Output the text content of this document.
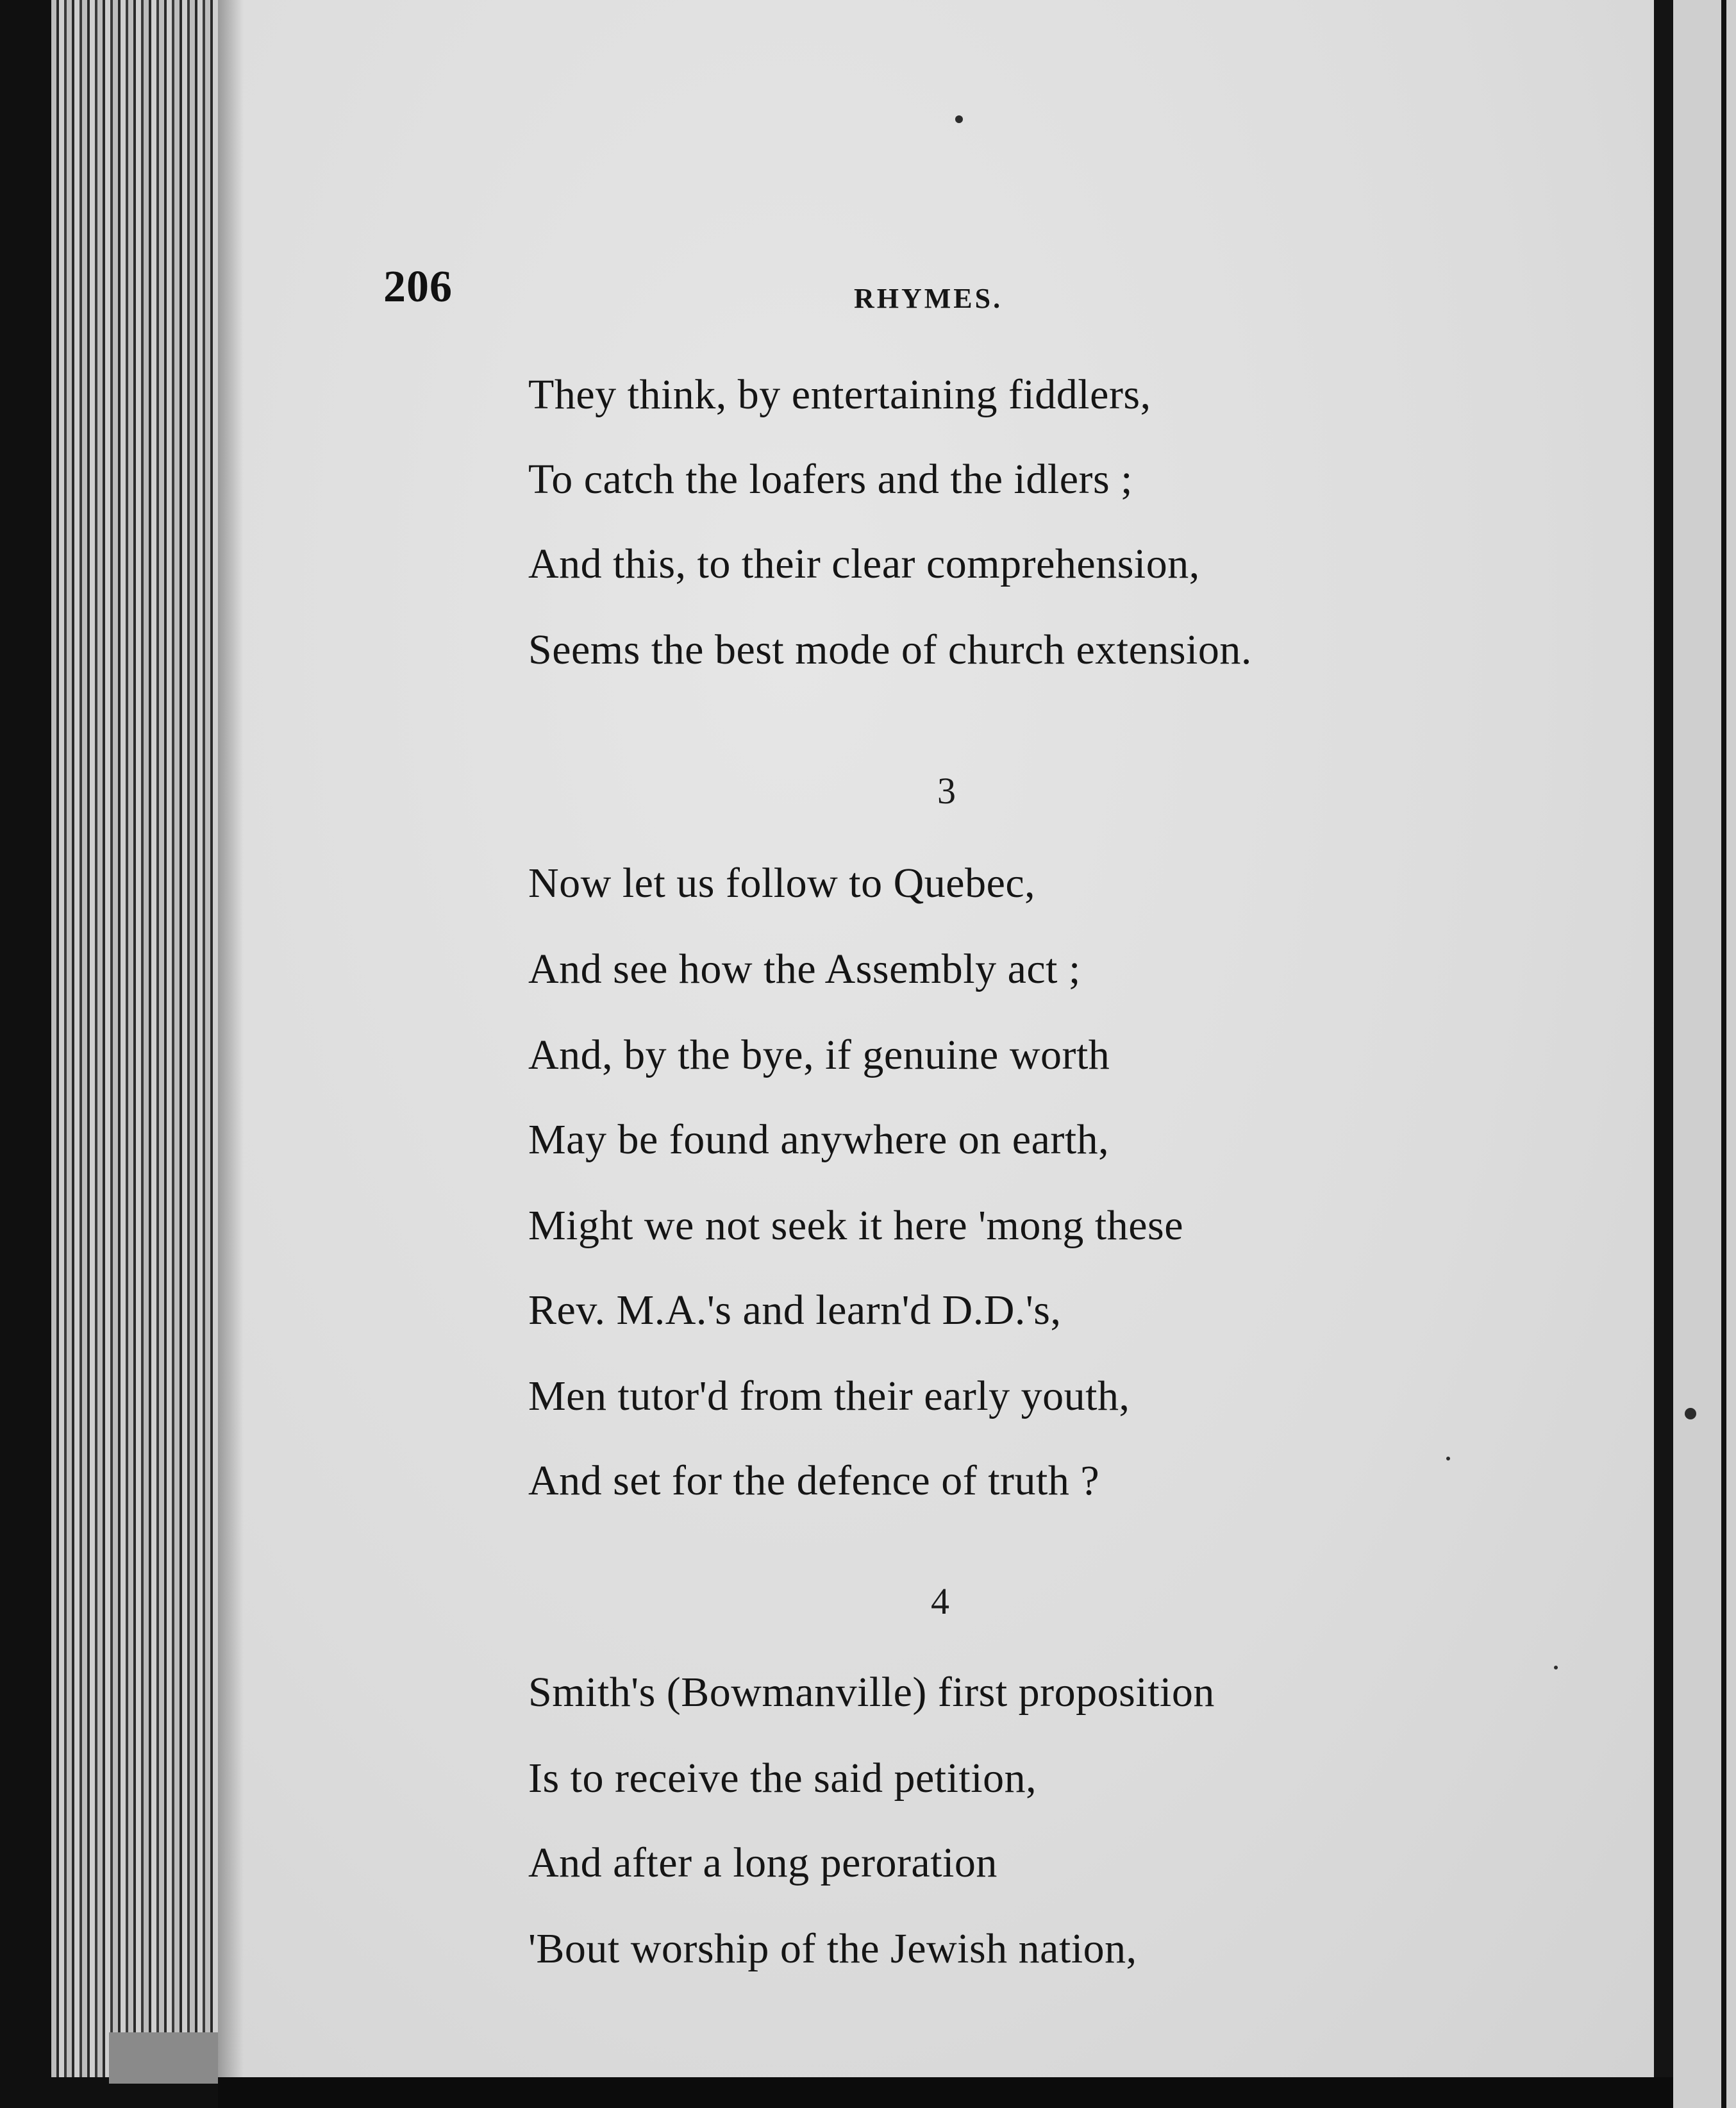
206	RHYMES.
They think, by entertaining fiddlers,
To catch the loafers and the idlers ;
And this, to their clear comprehension,
Seems the best mode of church extension.
3
Now let us follow to Quebec,
And see how the Assembly act ;
And, by the bye, if genuine worth
May be found anywhere on earth,
Might we not seek it here 'mong these
Rev. M.A.'s and learn'd D.D.'s,
Men tutor'd from their early youth,
And set for the defence of truth ?
4
Smith's (Bowmanville) first proposition
Is to receive the said petition,
And after a long peroration
'Bout worship of the Jewish nation,
